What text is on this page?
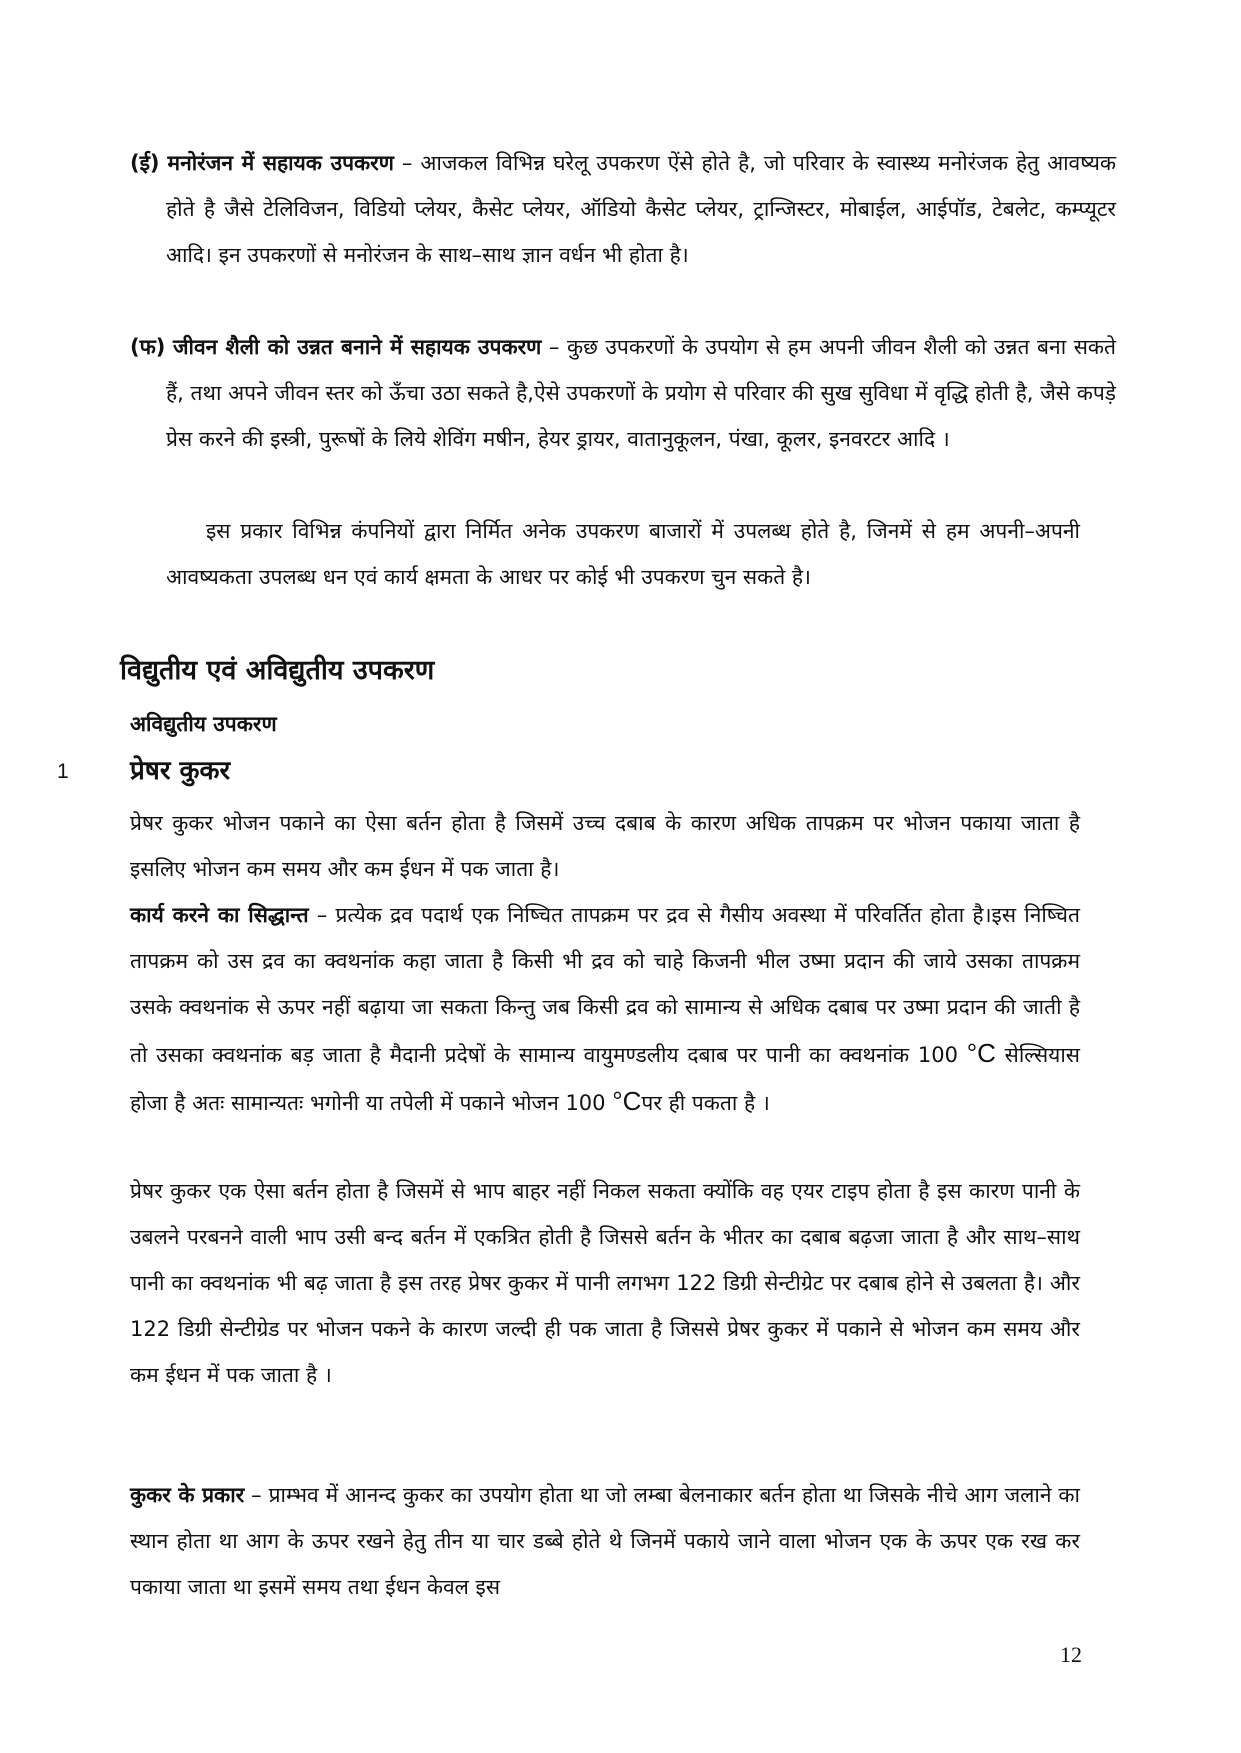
(ई) मनोरंजन में सहायक उपकरण – आजकल विभिन्न घरेलू उपकरण ऐंसे होते है, जो परिवार के स्वास्थ्य मनोरंजक हेतु आवष्यक होते है जैसे टेलिविजन, विडियो प्लेयर, कैसेट प्लेयर, ऑडियो कैसेट प्लेयर, ट्रान्जिस्टर, मोबाईल, आईपॉड, टेबलेट, कम्प्यूटर आदि। इन उपकरणों से मनोरंजन के साथ–साथ ज्ञान वर्धन भी होता है।
(फ) जीवन शैली को उन्नत बनाने में सहायक उपकरण – कुछ उपकरणों के उपयोग से हम अपनी जीवन शैली को उन्नत बना सकते हैं, तथा अपने जीवन स्तर को ऊँचा उठा सकते है,ऐसे उपकरणों के प्रयोग से परिवार की सुख सुविधा में वृद्धि होती है, जैसे कपड़े प्रेस करने की इस्त्री, पुरूषों के लिये शेविंग मषीन, हेयर ड्रायर, वातानुकूलन, पंखा, कूलर, इनवरटर आदि ।
इस प्रकार विभिन्न कंपनियों द्वारा निर्मित अनेक उपकरण बाजारों में उपलब्ध होते है, जिनमें से हम अपनी–अपनी आवष्यकता उपलब्ध धन एवं कार्य क्षमता के आधर पर कोई भी उपकरण चुन सकते है।
विद्युतीय एवं अविद्युतीय उपकरण
अविद्युतीय उपकरण
1 प्रेषर कुकर
प्रेषर कुकर भोजन पकाने का ऐसा बर्तन होता है जिसमें उच्च दबाब के कारण अधिक तापक्रम पर भोजन पकाया जाता है इसलिए भोजन कम समय और कम ईधन में पक जाता है।
कार्य करने का सिद्धान्त – प्रत्येक द्रव पदार्थ एक निष्चित तापक्रम पर द्रव से गैसीय अवस्था में परिवर्तित होता है।इस निष्चित तापक्रम को उस द्रव का क्वथनांक कहा जाता है किसी भी द्रव को चाहे किजनी भील उष्मा प्रदान की जाये उसका तापक्रम उसके क्वथनांक से ऊपर नहीं बढ़ाया जा सकता किन्तु जब किसी द्रव को सामान्य से अधिक दबाब पर उष्मा प्रदान की जाती है तो उसका क्वथनांक बड़ जाता है मैदानी प्रदेषों के सामान्य वायुमण्डलीय दबाब पर पानी का क्वथनांक 100 °C सेल्सियास होजा है अतः सामान्यतः भगोनी या तपेली में पकाने भोजन 100 °Cपर ही पकता है ।
प्रेषर कुकर एक ऐसा बर्तन होता है जिसमें से भाप बाहर नहीं निकल सकता क्योंकि वह एयर टाइप होता है इस कारण पानी के उबलने परबनने वाली भाप उसी बन्द बर्तन में एकत्रित होती है जिससे बर्तन के भीतर का दबाब बढ़जा जाता है और साथ–साथ पानी का क्वथनांक भी बढ़ जाता है इस तरह प्रेषर कुकर में पानी लगभग 122 डिग्री सेन्टीग्रेट पर दबाब होने से उबलता है। और 122 डिग्री सेन्टीग्रेड पर भोजन पकने के कारण जल्दी ही पक जाता है जिससे प्रेषर कुकर में पकाने से भोजन कम समय और कम ईधन में पक जाता है ।
कुकर के प्रकार – प्राम्भव में आनन्द कुकर का उपयोग होता था जो लम्बा बेलनाकार बर्तन होता था जिसके नीचे आग जलाने का स्थान होता था आग के ऊपर रखने हेतु तीन या चार डब्बे होते थे जिनमें पकाये जाने वाला भोजन एक के ऊपर एक रख कर पकाया जाता था इसमें समय तथा ईधन केवल इस
12
